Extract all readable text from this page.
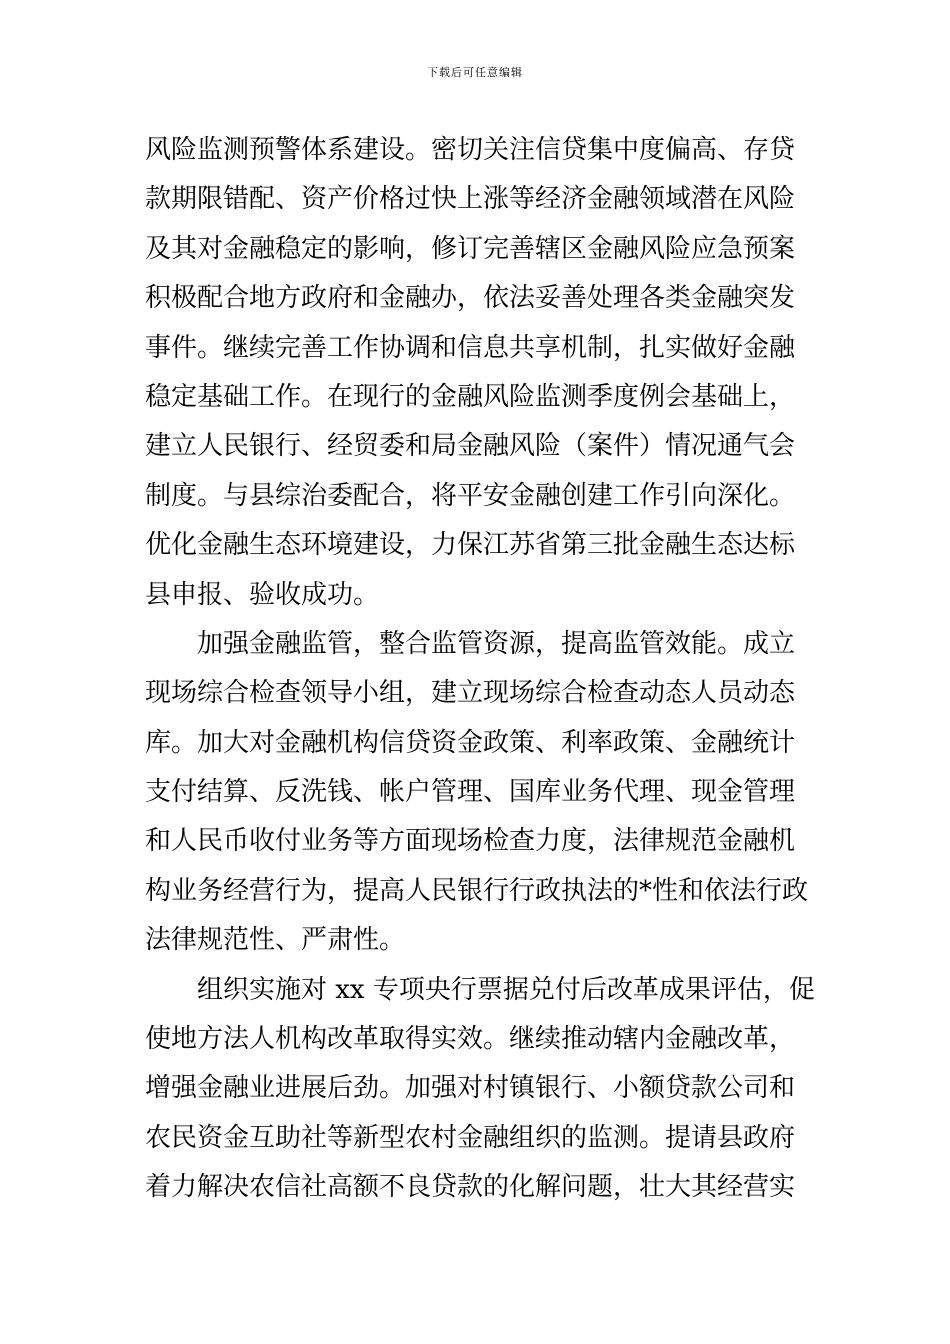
下载后可任意编辑
风险监测预警体系建设。密切关注信贷集中度偏高、存贷
款期限错配、资产价格过快上涨等经济金融领域潜在风险
及其对金融稳定的影响，修订完善辖区金融风险应急预案
积极配合地方政府和金融办，依法妥善处理各类金融突发
事件。继续完善工作协调和信息共享机制，扎实做好金融
稳定基础工作。在现行的金融风险监测季度例会基础上，
建立人民银行、经贸委和局金融风险（案件）情况通气会
制度。与县综治委配合，将平安金融创建工作引向深化。
优化金融生态环境建设，力保江苏省第三批金融生态达标
县申报、验收成功。
加强金融监管，整合监管资源，提高监管效能。成立
现场综合检查领导小组，建立现场综合检查动态人员动态
库。加大对金融机构信贷资金政策、利率政策、金融统计
支付结算、反洗钱、帐户管理、国库业务代理、现金管理
和人民币收付业务等方面现场检查力度，法律规范金融机
构业务经营行为，提高人民银行行政执法的*性和依法行政
法律规范性、严肃性。
组织实施对 xx 专项央行票据兑付后改革成果评估，促
使地方法人机构改革取得实效。继续推动辖内金融改革，
增强金融业进展后劲。加强对村镇银行、小额贷款公司和
农民资金互助社等新型农村金融组织的监测。提请县政府
着力解决农信社高额不良贷款的化解问题，壮大其经营实
